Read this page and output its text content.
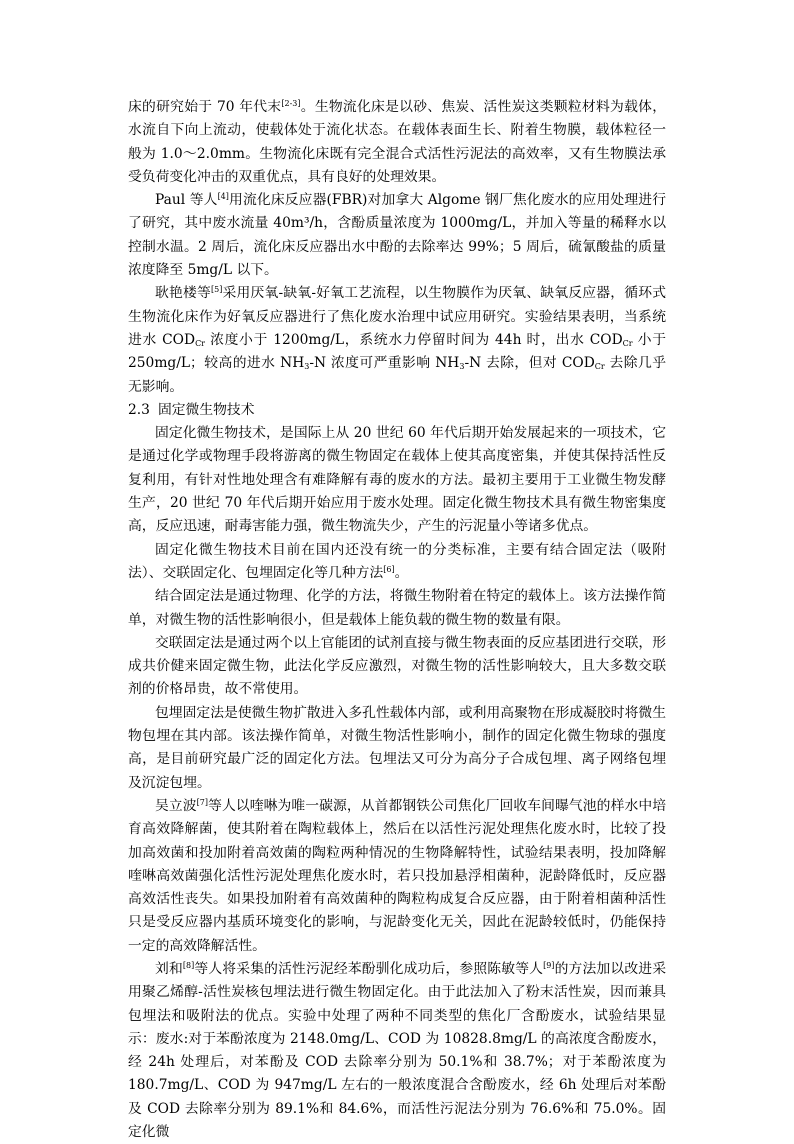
床的研究始于 70 年代末[2-3]。生物流化床是以砂、焦炭、活性炭这类颗粒材料为载体，水流自下向上流动，使载体处于流化状态。在载体表面生长、附着生物膜，载体粒径一般为 1.0～2.0mm。生物流化床既有完全混合式活性污泥法的高效率，又有生物膜法承受负荷变化冲击的双重优点，具有良好的处理效果。

Paul 等人[4]用流化床反应器(FBR)对加拿大 Algome 钢厂焦化废水的应用处理进行了研究，其中废水流量 40m³/h，含酚质量浓度为 1000mg/L，并加入等量的稀释水以控制水温。2 周后，流化床反应器出水中酚的去除率达 99%；5 周后，硫氰酸盐的质量浓度降至 5mg/L 以下。

耿艳楼等[5]采用厌氧-缺氧-好氧工艺流程，以生物膜作为厌氧、缺氧反应器，循环式生物流化床作为好氧反应器进行了焦化废水治理中试应用研究。实验结果表明，当系统进水 $COD_{Cr}$ 浓度小于 1200mg/L，系统水力停留时间为 44h 时，出水 $COD_{Cr}$ 小于 250mg/L；较高的进水 $NH_3-N$ 浓度可严重影响 $NH_3-N$ 去除，但对 $COD_{Cr}$ 去除几乎无影响。

2.3 固定微生物技术

固定化微生物技术，是国际上从 20 世纪 60 年代后期开始发展起来的一项技术，它是通过化学或物理手段将游离的微生物固定在载体上使其高度密集，并使其保持活性反复利用，有针对性地处理含有难降解有毒的废水的方法。最初主要用于工业微生物发酵生产，20 世纪 70 年代后期开始应用于废水处理。固定化微生物技术具有微生物密集度高，反应迅速，耐毒害能力强，微生物流失少，产生的污泥量小等诸多优点。

固定化微生物技术目前在国内还没有统一的分类标准，主要有结合固定法（吸附法）、交联固定化、包埋固定化等几种方法[6]。

结合固定法是通过物理、化学的方法，将微生物附着在特定的载体上。该方法操作简单，对微生物的活性影响很小，但是载体上能负载的微生物的数量有限。

交联固定法是通过两个以上官能团的试剂直接与微生物表面的反应基团进行交联，形成共价健来固定微生物，此法化学反应激烈，对微生物的活性影响较大，且大多数交联剂的价格昂贵，故不常使用。

包埋固定法是使微生物扩散进入多孔性载体内部，或利用高聚物在形成凝胶时将微生物包埋在其内部。该法操作简单，对微生物活性影响小，制作的固定化微生物球的强度高，是目前研究最广泛的固定化方法。包埋法又可分为高分子合成包埋、离子网络包埋及沉淀包埋。

吴立波[7]等人以喹啉为唯一碳源，从首都钢铁公司焦化厂回收车间曝气池的样水中培育高效降解菌，使其附着在陶粒载体上，然后在以活性污泥处理焦化废水时，比较了投加高效菌和投加附着高效菌的陶粒两种情况的生物降解特性，试验结果表明，投加降解喹啉高效菌强化活性污泥处理焦化废水时，若只投加悬浮相菌种，泥龄降低时，反应器高效活性丧失。如果投加附着有高效菌种的陶粒构成复合反应器，由于附着相菌种活性只是受反应器内基质环境变化的影响，与泥龄变化无关，因此在泥龄较低时，仍能保持一定的高效降解活性。

刘和[8]等人将采集的活性污泥经苯酚驯化成功后，参照陈敏等人[9]的方法加以改进采用聚乙烯醇-活性炭核包埋法进行微生物固定化。由于此法加入了粉末活性炭，因而兼具包埋法和吸附法的优点。实验中处理了两种不同类型的焦化厂含酚废水，试验结果显示：废水:对于苯酚浓度为 2148.0mg/L、COD 为 10828.8mg/L 的高浓度含酚废水，经 24h 处理后，对苯酚及 COD 去除率分别为 50.1%和 38.7%；对于苯酚浓度为 180.7mg/L、COD 为 947mg/L 左右的一般浓度混合含酚废水，经 6h 处理后对苯酚及 COD 去除率分别为 89.1%和 84.6%，而活性污泥法分别为 76.6%和 75.0%。固定化微
